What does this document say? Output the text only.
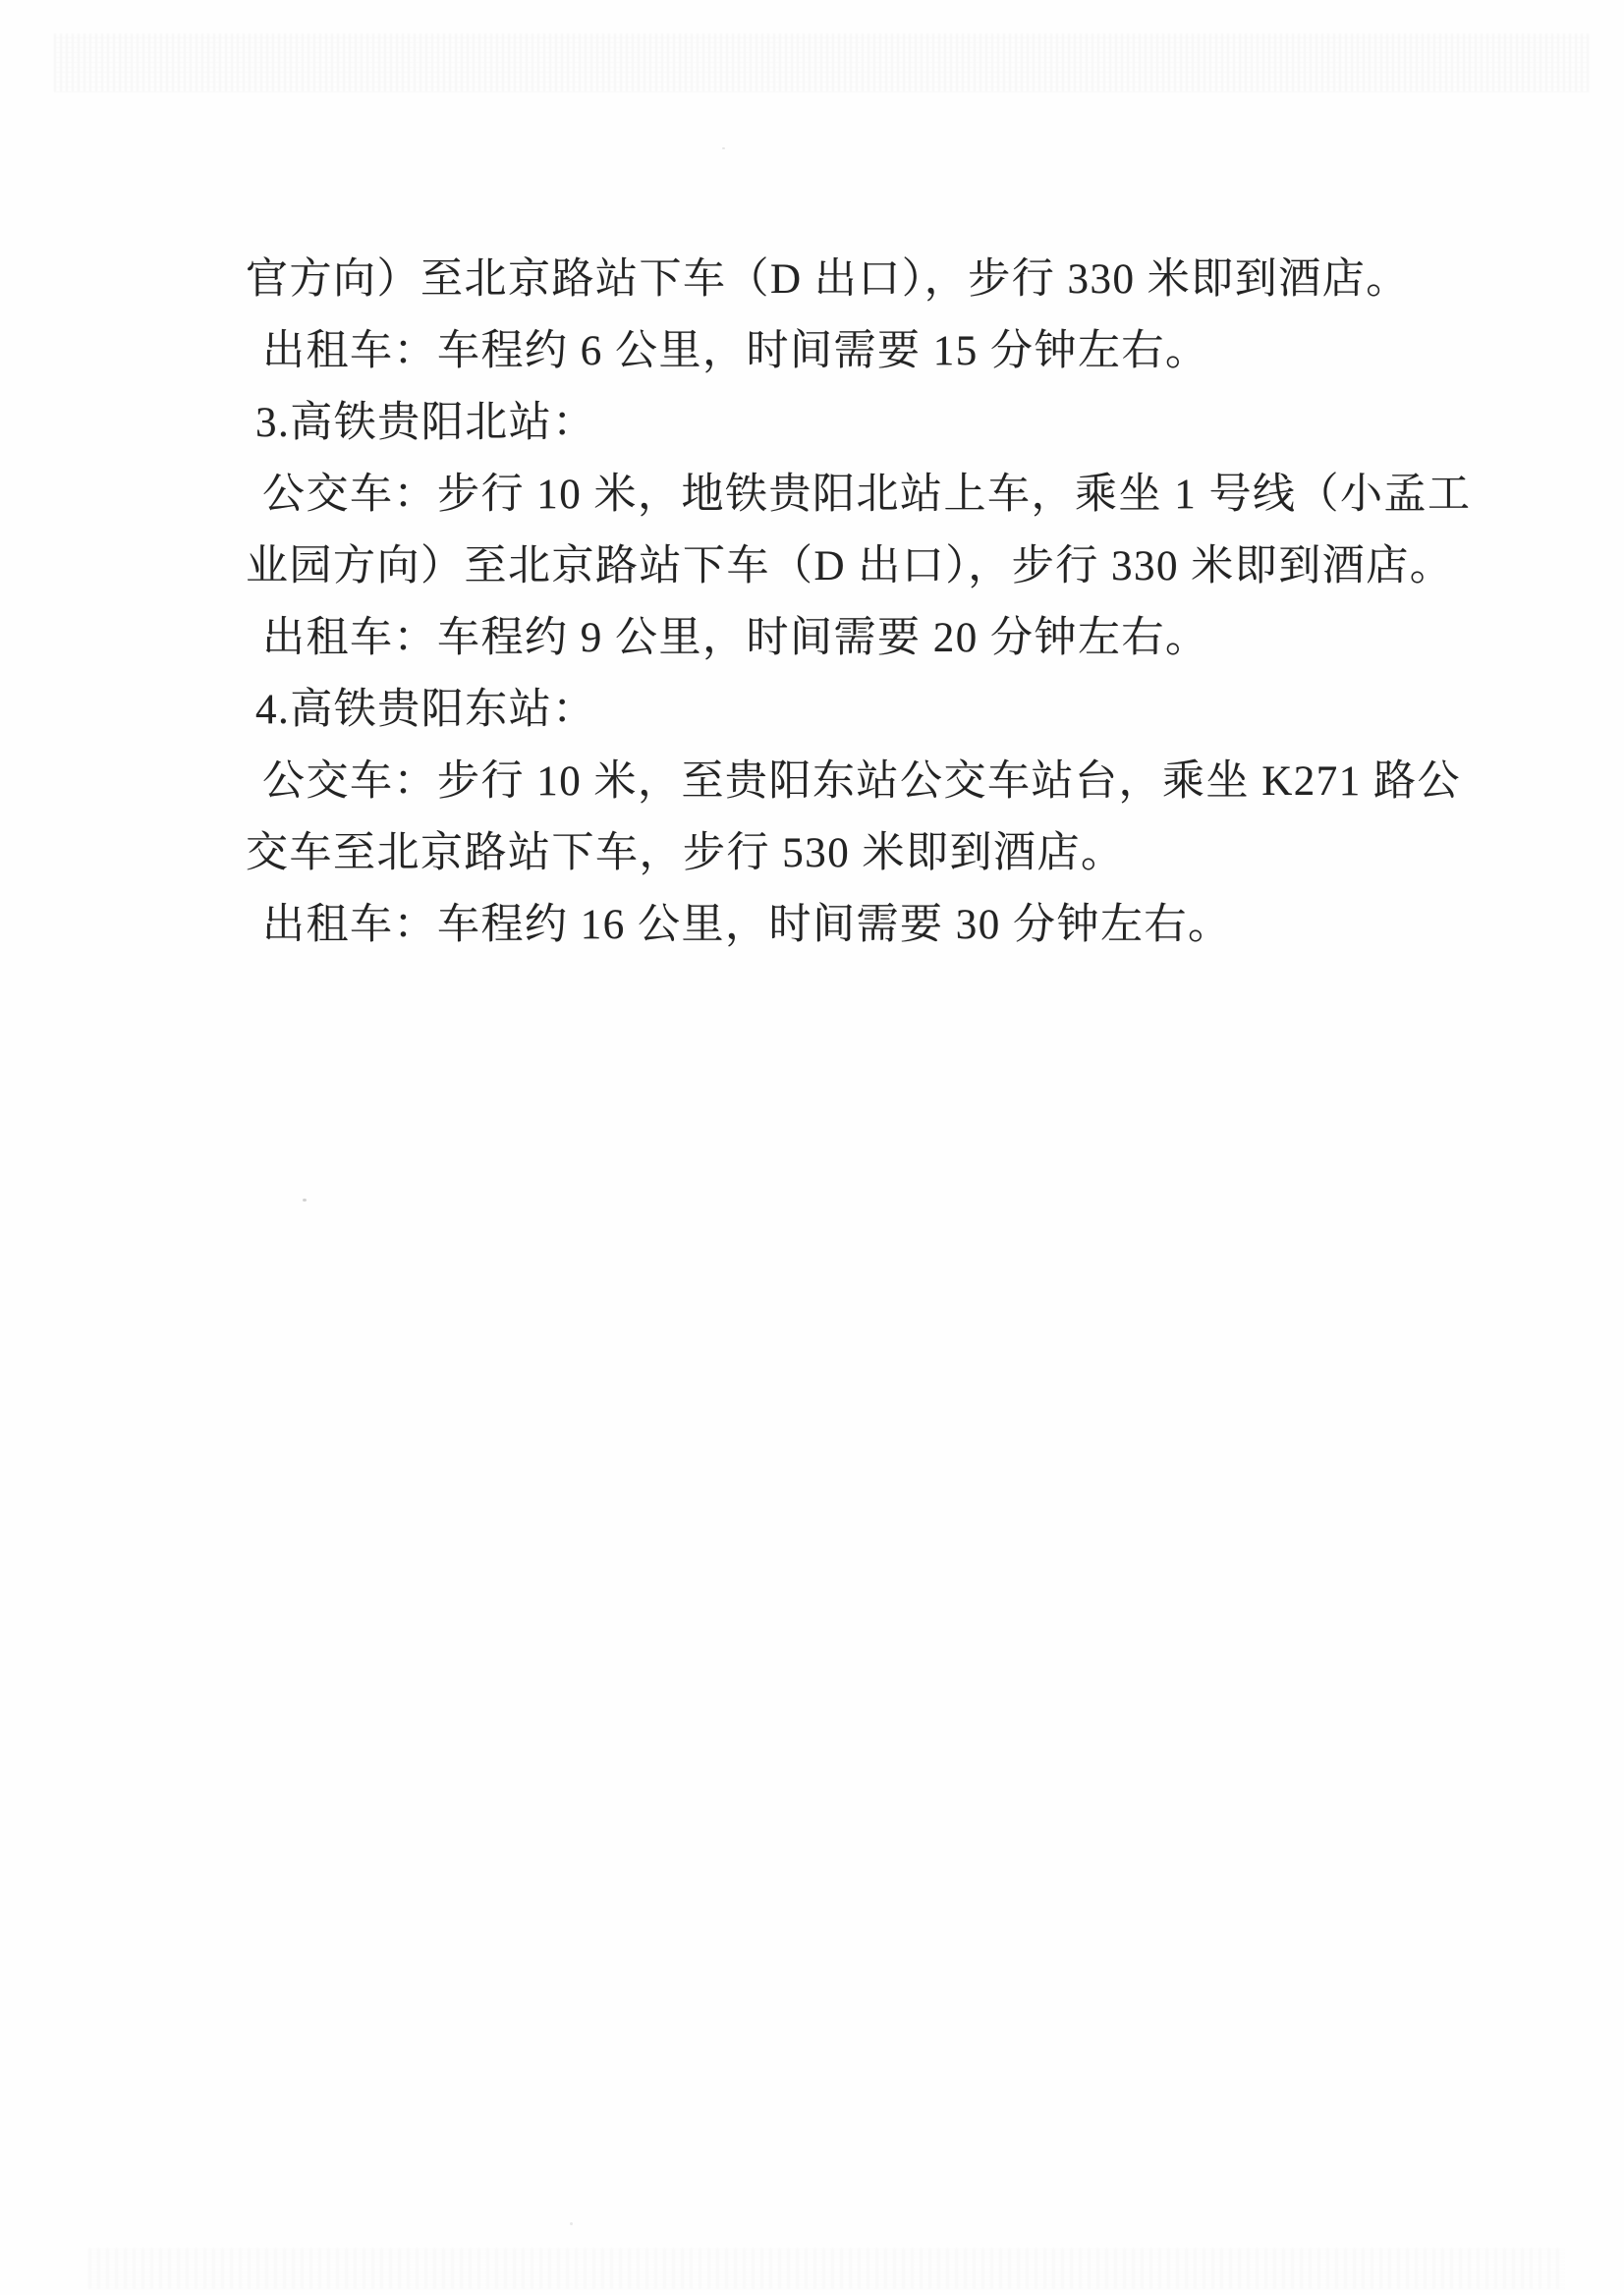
官方向）至北京路站下车（D 出口），步行 330 米即到酒店。
出租车：车程约 6 公里，时间需要 15 分钟左右。
3.高铁贵阳北站：
公交车：步行 10 米，地铁贵阳北站上车，乘坐 1 号线（小孟工
业园方向）至北京路站下车（D 出口），步行 330 米即到酒店。
出租车：车程约 9 公里，时间需要 20 分钟左右。
4.高铁贵阳东站：
公交车：步行 10 米，至贵阳东站公交车站台，乘坐 K271 路公
交车至北京路站下车，步行 530 米即到酒店。
出租车：车程约 16 公里，时间需要 30 分钟左右。
